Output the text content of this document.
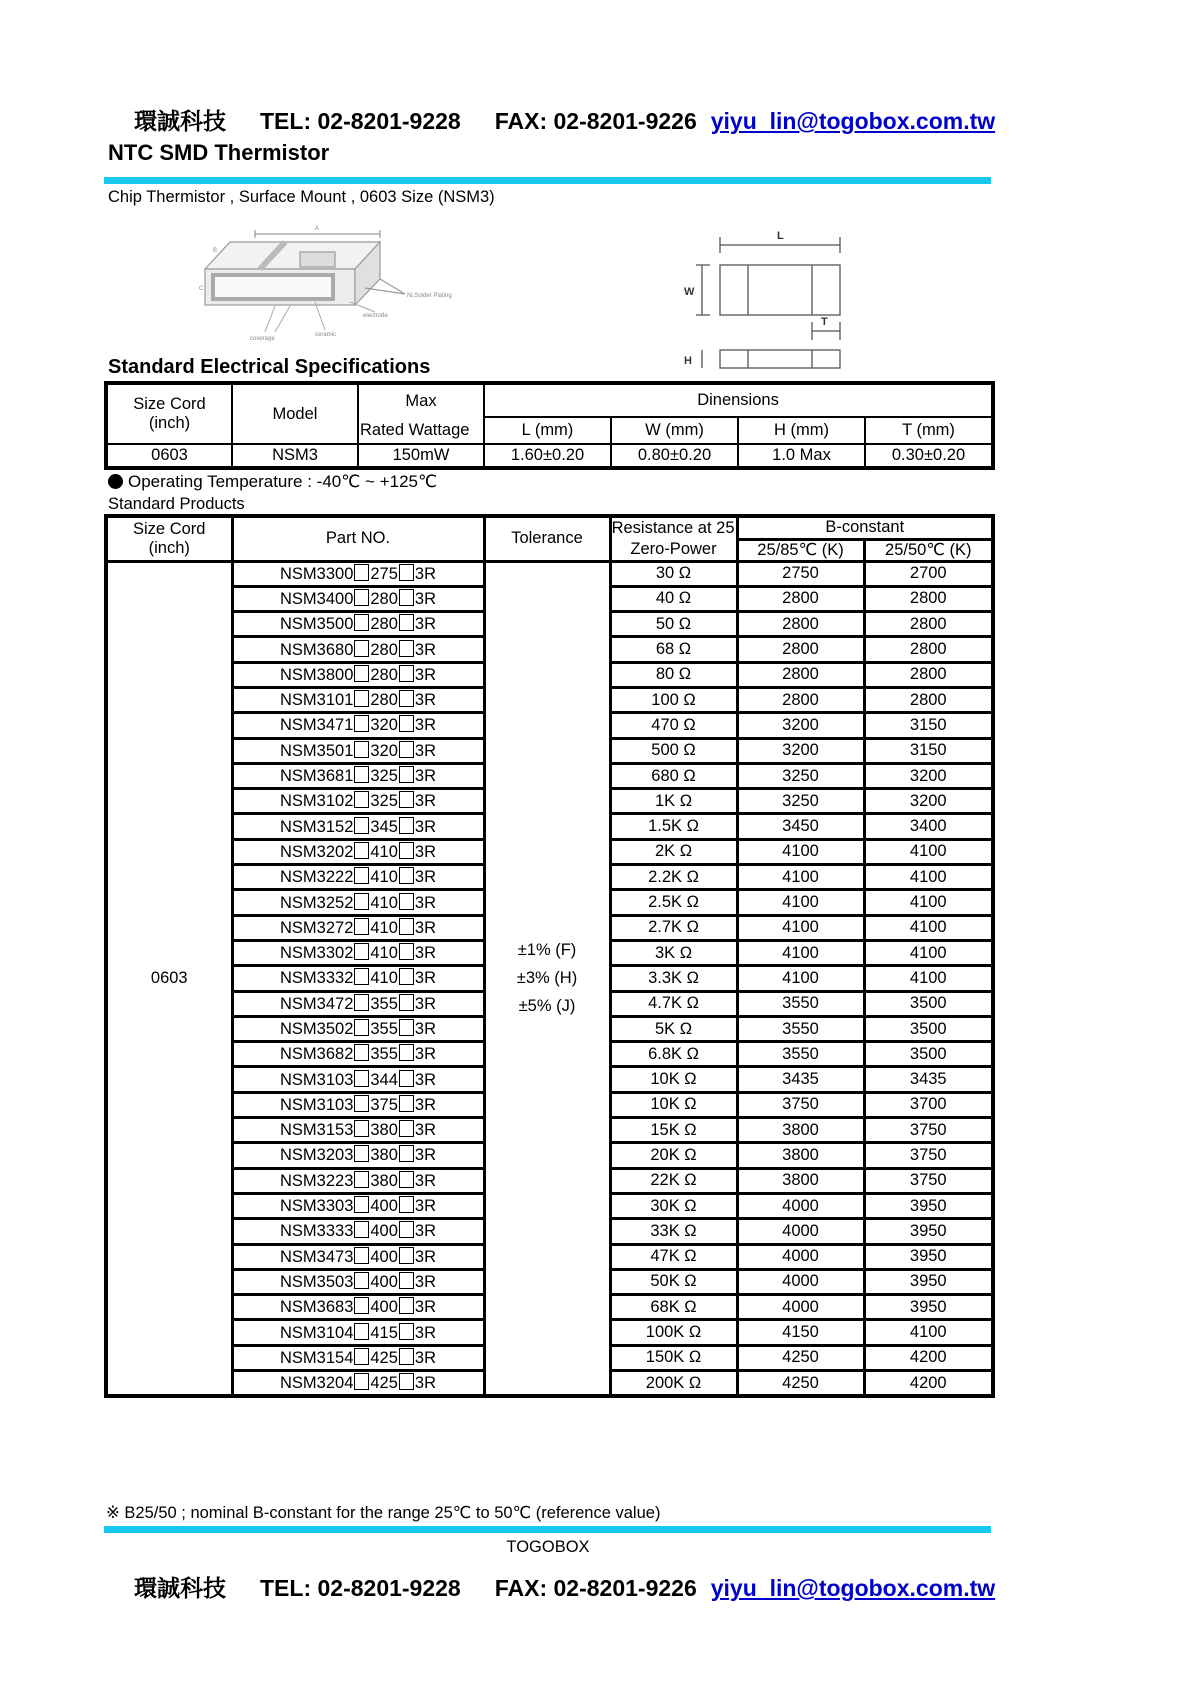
環誠科技 TEL: 02-8201-9228 FAX: 02-8201-9226 yiyu_lin@togobox.com.tw
NTC SMD Thermistor
Chip Thermistor , Surface Mount , 0603 Size (NSM3)
A
B
C
Ni,Solder Plating
electrode
coverage
ceramic
L
W
T
H
Standard Electrical Specifications
Size Cord
(inch)	Model	Max	Dinensions			
		Rated Wattage	L (mm)	W (mm)	H (mm)	T (mm)
0603	NSM3	150mW	1.60±0.20	0.80±0.20	1.0 Max	0.30±0.20
Operating Temperature : -40℃ ~ +125℃
Standard Products
Size Cord
(inch)	Part NO.	Tolerance	Resistance at 25	B-constant	
			Zero-Power	25/85℃ (K)	25/50℃ (K)
0603	NSM3300 275 3R	±1% (F)
±3% (H)
±5% (J)	30 Ω	2750	2700
	NSM3400 280 3R		40 Ω	2800	2800
	NSM3500 280 3R		50 Ω	2800	2800
	NSM3680 280 3R		68 Ω	2800	2800
	NSM3800 280 3R		80 Ω	2800	2800
	NSM3101 280 3R		100 Ω	2800	2800
	NSM3471 320 3R		470 Ω	3200	3150
	NSM3501 320 3R		500 Ω	3200	3150
	NSM3681 325 3R		680 Ω	3250	3200
	NSM3102 325 3R		1K Ω	3250	3200
	NSM3152 345 3R		1.5K Ω	3450	3400
	NSM3202 410 3R		2K Ω	4100	4100
	NSM3222 410 3R		2.2K Ω	4100	4100
	NSM3252 410 3R		2.5K Ω	4100	4100
	NSM3272 410 3R		2.7K Ω	4100	4100
	NSM3302 410 3R		3K Ω	4100	4100
	NSM3332 410 3R		3.3K Ω	4100	4100
	NSM3472 355 3R		4.7K Ω	3550	3500
	NSM3502 355 3R		5K Ω	3550	3500
	NSM3682 355 3R		6.8K Ω	3550	3500
	NSM3103 344 3R		10K Ω	3435	3435
	NSM3103 375 3R		10K Ω	3750	3700
	NSM3153 380 3R		15K Ω	3800	3750
	NSM3203 380 3R		20K Ω	3800	3750
	NSM3223 380 3R		22K Ω	3800	3750
	NSM3303 400 3R		30K Ω	4000	3950
	NSM3333 400 3R		33K Ω	4000	3950
	NSM3473 400 3R		47K Ω	4000	3950
	NSM3503 400 3R		50K Ω	4000	3950
	NSM3683 400 3R		68K Ω	4000	3950
	NSM3104 415 3R		100K Ω	4150	4100
	NSM3154 425 3R		150K Ω	4250	4200
	NSM3204 425 3R		200K Ω	4250	4200
※ B25/50 ; nominal B-constant for the range 25℃ to 50℃ (reference value)
TOGOBOX
環誠科技 TEL: 02-8201-9228 FAX: 02-8201-9226 yiyu_lin@togobox.com.tw
